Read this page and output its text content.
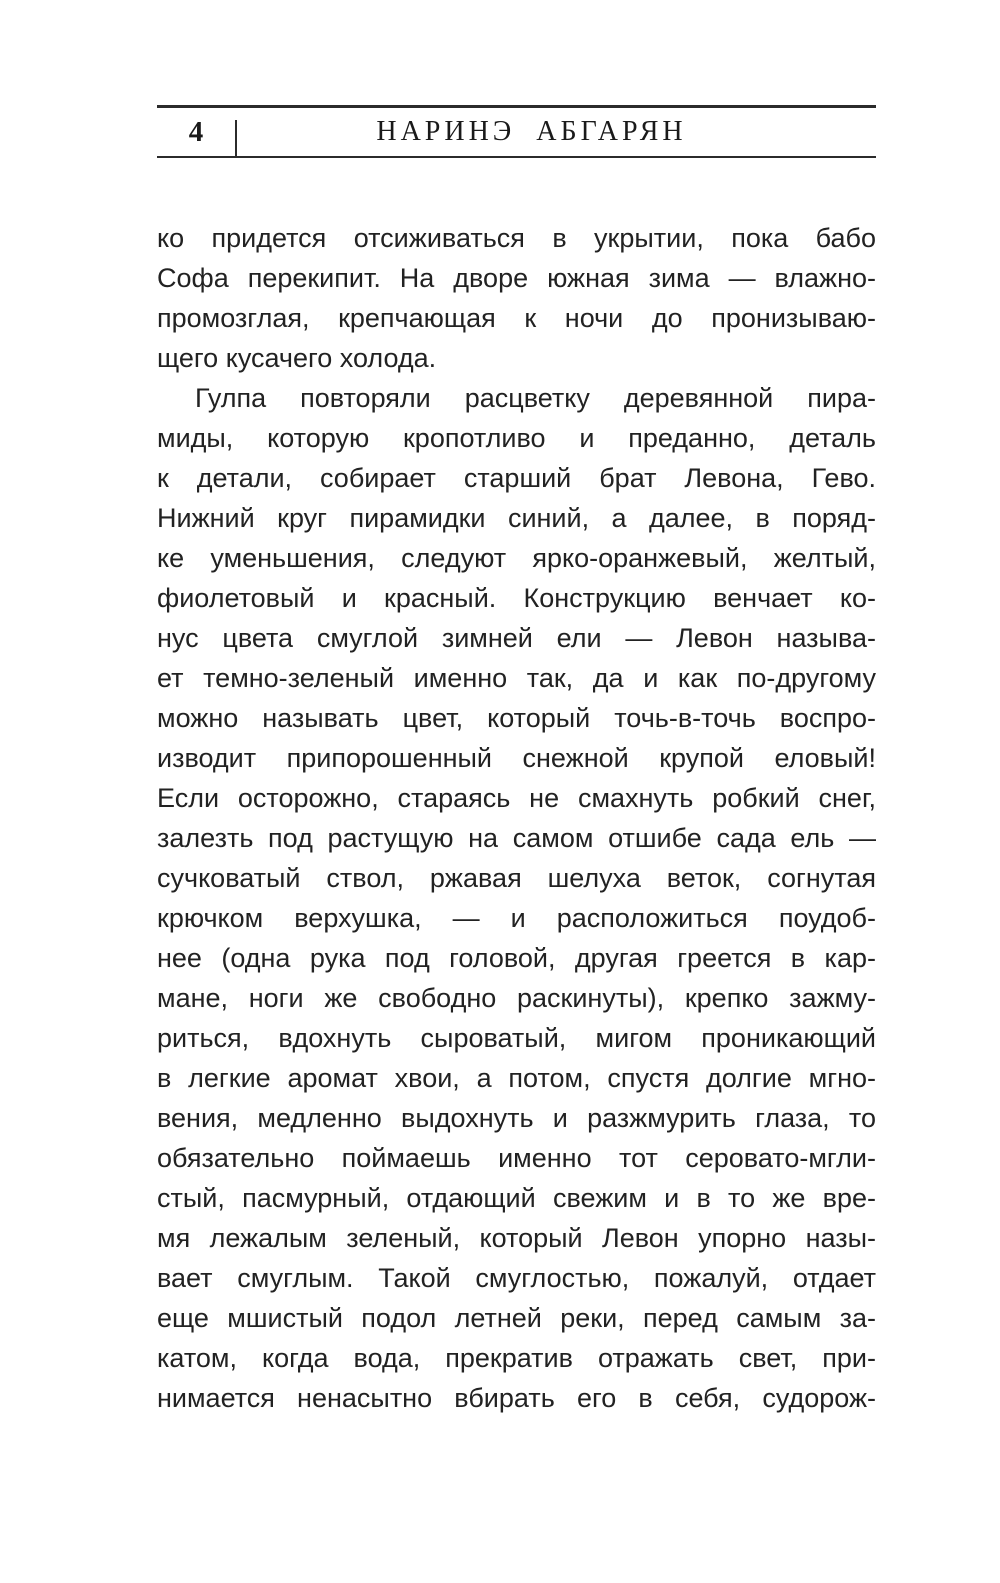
4	НАРИНЭ АБГАРЯН
ко придется отсиживаться в укрытии, пока бабо
Софа перекипит. На дворе южная зима — влажно-
промозглая, крепчающая к ночи до пронизываю-
щего кусачего холода.
Гулпа повторяли расцветку деревянной пира-
миды, которую кропотливо и преданно, деталь
к детали, собирает старший брат Левона, Гево.
Нижний круг пирамидки синий, а далее, в поряд-
ке уменьшения, следуют ярко-оранжевый, желтый,
фиолетовый и красный. Конструкцию венчает ко-
нус цвета смуглой зимней ели — Левон называ-
ет темно-зеленый именно так, да и как по-другому
можно называть цвет, который точь-в-точь воспро-
изводит припорошенный снежной крупой еловый!
Если осторожно, стараясь не смахнуть робкий снег,
залезть под растущую на самом отшибе сада ель —
сучковатый ствол, ржавая шелуха веток, согнутая
крючком верхушка, — и расположиться поудоб-
нее (одна рука под головой, другая греется в кар-
мане, ноги же свободно раскинуты), крепко зажму-
риться, вдохнуть сыроватый, мигом проникающий
в легкие аромат хвои, а потом, спустя долгие мгно-
вения, медленно выдохнуть и разжмурить глаза, то
обязательно поймаешь именно тот серовато-мгли-
стый, пасмурный, отдающий свежим и в то же вре-
мя лежалым зеленый, который Левон упорно назы-
вает смуглым. Такой смуглостью, пожалуй, отдает
еще мшистый подол летней реки, перед самым за-
катом, когда вода, прекратив отражать свет, при-
нимается ненасытно вбирать его в себя, судорож-
